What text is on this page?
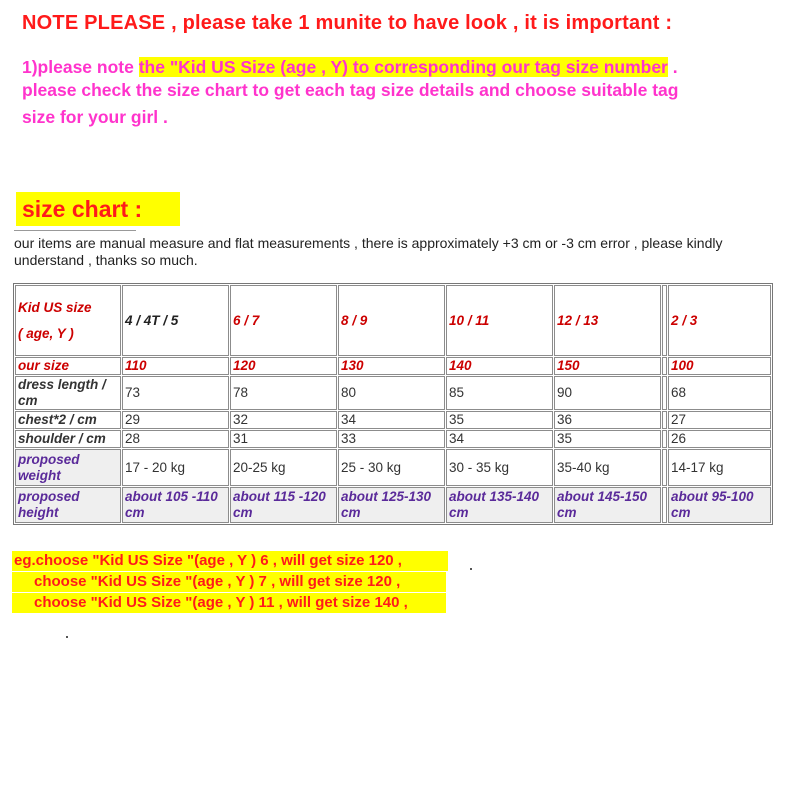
NOTE PLEASE , please take 1 munite to have look , it is important :
1)please note the "Kid US Size (age , Y) to corresponding our tag size number .
please check the size chart to get each tag size details and choose suitable tag
size for your girl .
size chart :
our items are manual measure and flat measurements , there is approximately +3 cm or -3 cm error , please kindly understand , thanks so much.
Kid US size
( age, Y )	4 / 4T / 5	6 / 7	8 / 9	10 / 11	12 / 13		2 / 3
our size	110	120	130	140	150		100
dress length / cm	73	78	80	85	90		68
chest*2 / cm	29	32	34	35	36		27
shoulder / cm	28	31	33	34	35		26
proposed weight	17 - 20 kg	20-25 kg	25 - 30 kg	30 - 35 kg	35-40 kg		14-17 kg
proposed height	about 105 -110 cm	about 115 -120 cm	about 125-130 cm	about 135-140 cm	about 145-150 cm		about 95-100 cm
eg.choose "Kid US Size "(age , Y ) 6 , will get size 120 ,
choose "Kid US Size "(age , Y ) 7 , will get size 120 ,
choose "Kid US Size "(age , Y ) 11 , will get size 140 ,
